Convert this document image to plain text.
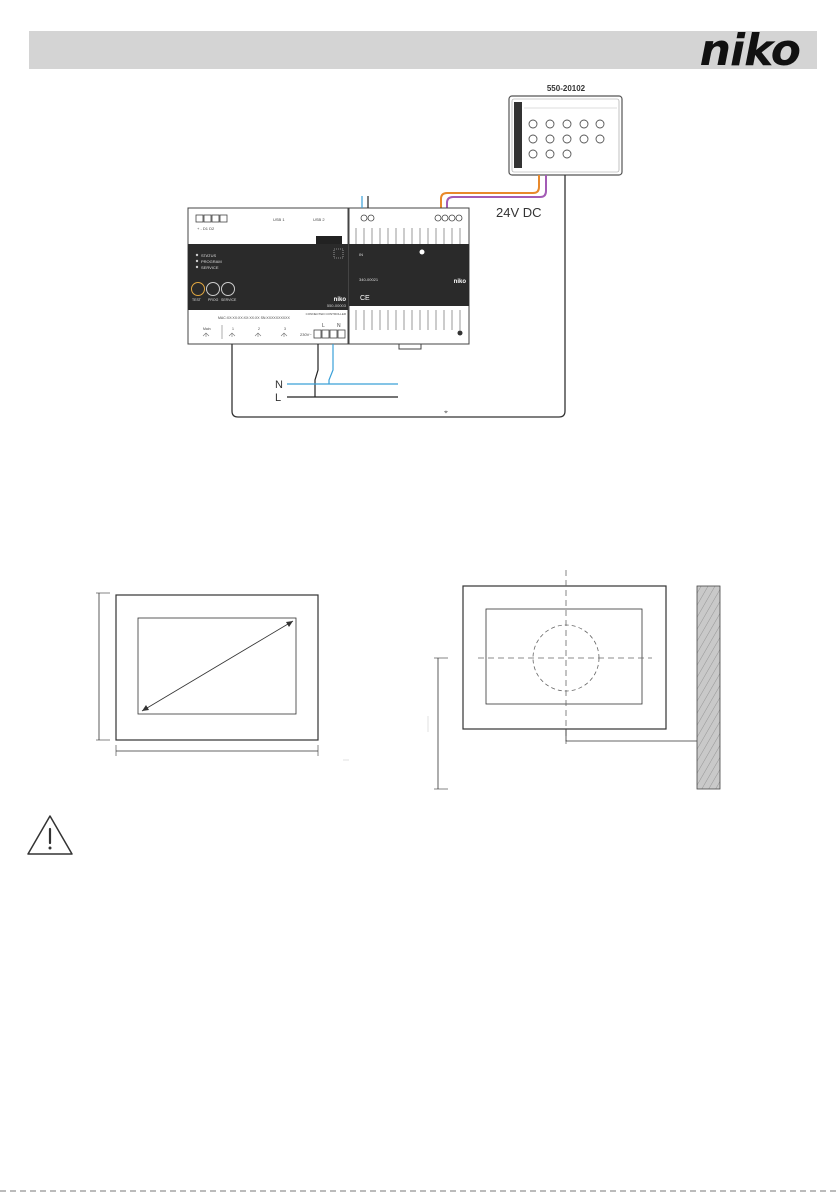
niko
550-20102
24V DC
+ - D1 D2
USB 1	USB 2
STATUS
PROGRAM
SERVICE
TEST PROG SERVICE	niko
550-00003
MAC:XX:XX:XX:XX:XX:XX SN:XXXXXXXXXX
CONNECTED CONTROLLER
Main	1	2	3
230V~
L N
IN
niko
340-00021
CE
N
L
⌖
